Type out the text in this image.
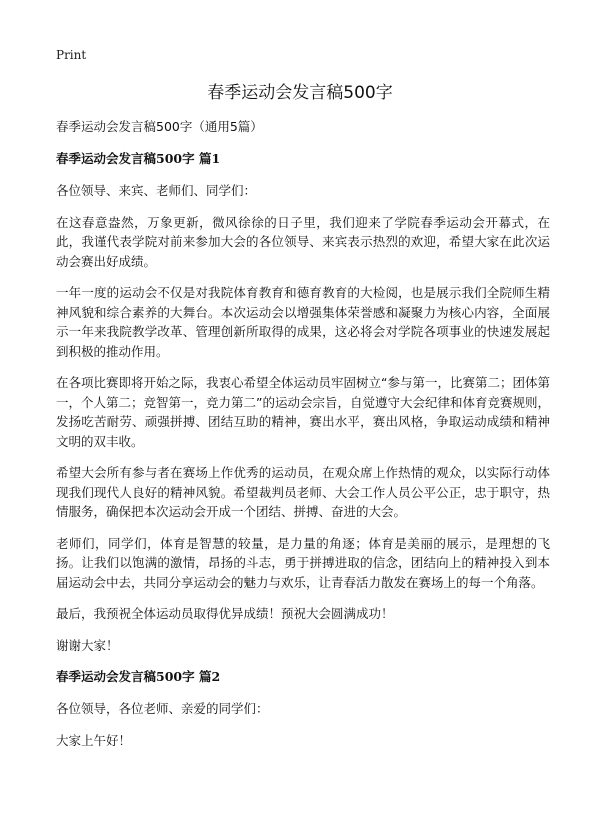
Print
春季运动会发言稿500字

春季运动会发言稿500字（通用5篇）

春季运动会发言稿500字 篇1

各位领导、来宾、老师们、同学们：

在这春意盎然，万象更新，微风徐徐的日子里，我们迎来了学院春季运动会开幕式，在此，我谨代表学院对前来参加大会的各位领导、来宾表示热烈的欢迎，希望大家在此次运动会赛出好成绩。

一年一度的运动会不仅是对我院体育教育和德育教育的大检阅，也是展示我们全院师生精神风貌和综合素养的大舞台。本次运动会以增强集体荣誉感和凝聚力为核心内容，全面展示一年来我院教学改革、管理创新所取得的成果，这必将会对学院各项事业的快速发展起到积极的推动作用。

在各项比赛即将开始之际，我衷心希望全体运动员牢固树立“参与第一，比赛第二；团体第一，个人第二；竞智第一，竞力第二”的运动会宗旨，自觉遵守大会纪律和体育竞赛规则，发扬吃苦耐劳、顽强拼搏、团结互助的精神，赛出水平，赛出风格，争取运动成绩和精神文明的双丰收。

希望大会所有参与者在赛场上作优秀的运动员，在观众席上作热情的观众，以实际行动体现我们现代人良好的精神风貌。希望裁判员老师、大会工作人员公平公正，忠于职守，热情服务，确保把本次运动会开成一个团结、拼搏、奋进的大会。

老师们，同学们，体育是智慧的较量，是力量的角逐；体育是美丽的展示，是理想的飞扬。让我们以饱满的激情，昂扬的斗志，勇于拼搏进取的信念，团结向上的精神投入到本届运动会中去，共同分享运动会的魅力与欢乐，让青春活力散发在赛场上的每一个角落。

最后，我预祝全体运动员取得优异成绩！预祝大会圆满成功！

谢谢大家！

春季运动会发言稿500字 篇2

各位领导，各位老师、亲爱的同学们：

大家上午好！
